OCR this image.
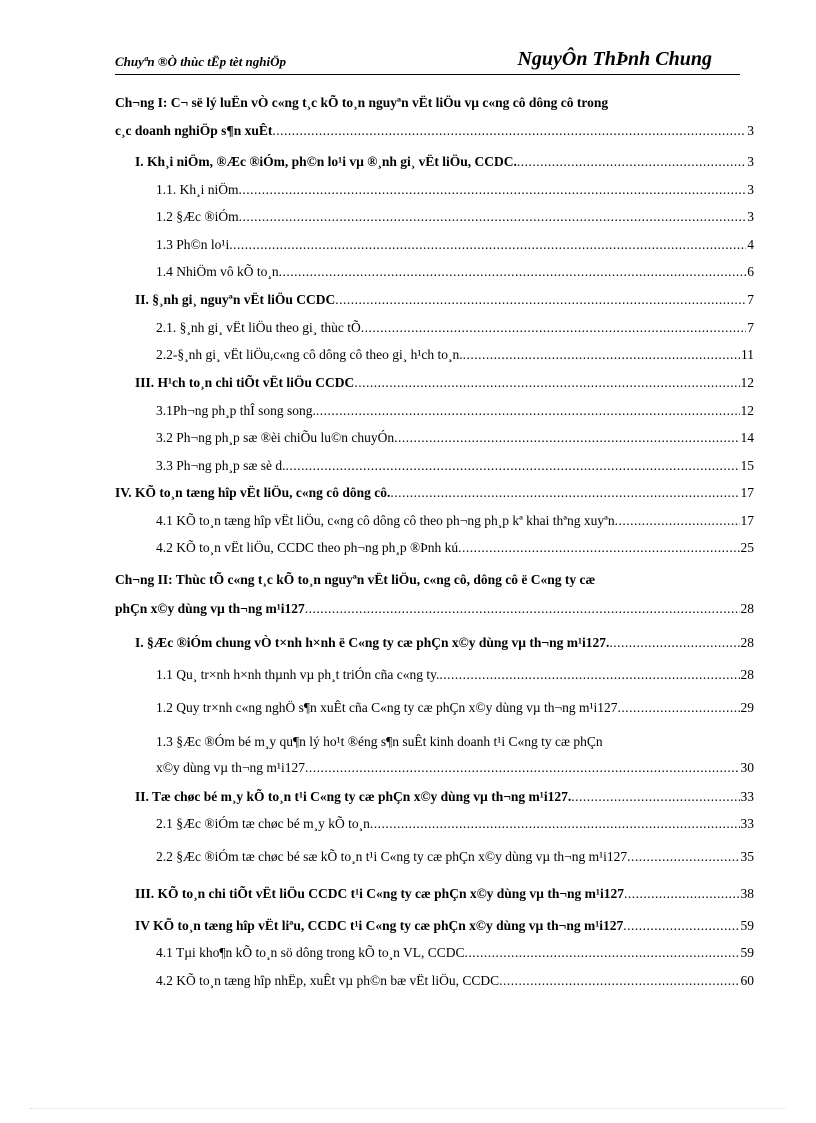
Chuyªn ®Ò thùc tËp tèt nghiÖp	NguyÔn ThÞnh Chung
Ch¬ng I: C¬ së lý luËn vÒ c«ng t¸c kÕ to¸n nguyªn vËt liÖu vµ c«ng cô dông cô trong
c¸c doanh nghiÖp s¶n xuÊt .....	3
I. Kh¸i niÖm, ®Æc ®iÓm, ph©n lo¹i vµ ®¸nh gi¸ vËt liÖu, CCDC. .....	3
1.1. Kh¸i niÖm .....	3
1.2 §Æc ®iÓm .....	3
1.3 Ph©n lo¹i .....	4
1.4 NhiÖm vô kÕ to¸n .....	6
II. §¸nh gi¸ nguyªn vËt liÖu CCDC .....	7
2.1. §¸nh gi¸ vËt liÖu theo gi¸ thùc tÕ .....	7
2.2-§¸nh gi¸ vËt liÖu,c«ng cô dông cô theo gi¸ h¹ch to¸n. .....	11
III. H¹ch to¸n chi tiÕt vËt liÖu CCDC .....	12
3.1Ph¬ng ph¸p thÎ song song. .....	12
3.2 Ph¬ng ph¸p sæ ®èi chiÕu lu©n chuyÓn .....	14
3.3 Ph¬ng ph¸p sæ sè d. .....	15
IV. KÕ to¸n tæng hîp vËt liÖu, c«ng cô dông cô. .....	17
4.1 KÕ to¸n tæng hîp vËt liÖu, c«ng cô dông cô theo ph¬ng ph¸p kª khai thªng xuyªn .....	17
4.2 KÕ to¸n vËt liÖu, CCDC theo ph¬ng ph¸p ®Þnh kú .....	25
Ch¬ng II: Thùc tÕ c«ng t¸c kÕ to¸n nguyªn vËt liÖu, c«ng cô, dông cô ë C«ng ty cæ
phÇn x©y dùng vµ th¬ng m¹i127 .....	28
I. §Æc ®iÓm chung vÒ t×nh h×nh ë C«ng ty cæ phÇn x©y dùng vµ th¬ng m¹i127. .....	28
1.1 Qu¸ tr×nh h×nh thµnh vµ ph¸t triÓn cña c«ng ty. .....	28
1.2 Quy tr×nh c«ng nghÖ s¶n xuÊt cña C«ng ty cæ phÇn x©y dùng vµ th¬ng m¹i127 .....	29
1.3 §Æc ®Óm bé m¸y qu¶n lý ho¹t ®éng s¶n suÊt kinh doanh t¹i C«ng ty cæ phÇn
x©y dùng vµ th¬ng m¹i127 .....	30
II. Tæ chøc bé m¸y kÕ to¸n t¹i C«ng ty cæ phÇn x©y dùng vµ th¬ng m¹i127. .....	33
2.1 §Æc ®iÓm tæ chøc bé m¸y kÕ to¸n .....	33
2.2 §Æc ®iÓm tæ chøc bé sæ kÕ to¸n t¹i C«ng ty cæ phÇn x©y dùng vµ th¬ng m¹i127 .....	35
III. KÕ to¸n chi tiÕt vËt liÖu CCDC t¹i C«ng ty cæ phÇn x©y dùng vµ th¬ng m¹i127 .....	38
IV KÕ to¸n tæng hîp vËt liªu, CCDC t¹i C«ng ty cæ phÇn x©y dùng vµ th¬ng m¹i127 .....	59
4.1 Tµi kho¶n kÕ to¸n sö dông trong kÕ to¸n VL, CCDC .....	59
4.2 KÕ to¸n tæng hîp nhËp, xuÊt vµ ph©n bæ vËt liÖu, CCDC .....	60
